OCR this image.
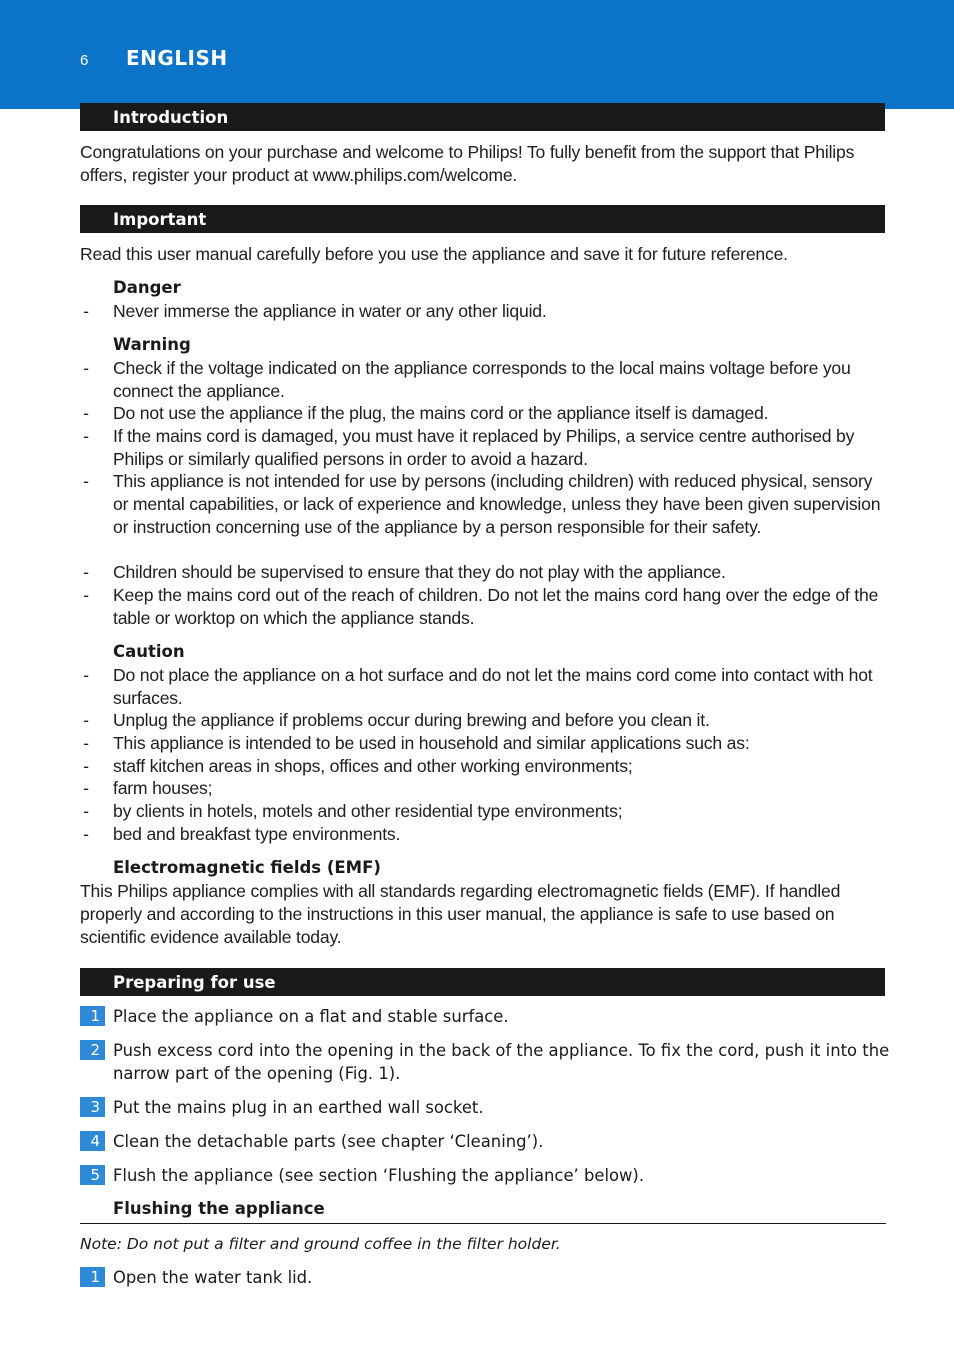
6 ENGLISH
Introduction
Congratulations on your purchase and welcome to Philips! To fully benefit from the support that Philips offers, register your product at www.philips.com/welcome.
Important
Read this user manual carefully before you use the appliance and save it for future reference.
Danger
- Never immerse the appliance in water or any other liquid.
Warning
- Check if the voltage indicated on the appliance corresponds to the local mains voltage before you connect the appliance.
- Do not use the appliance if the plug, the mains cord or the appliance itself is damaged.
- If the mains cord is damaged, you must have it replaced by Philips, a service centre authorised by Philips or similarly qualified persons in order to avoid a hazard.
- This appliance is not intended for use by persons (including children) with reduced physical, sensory or mental capabilities, or lack of experience and knowledge, unless they have been given supervision or instruction concerning use of the appliance by a person responsible for their safety.
- Children should be supervised to ensure that they do not play with the appliance.
- Keep the mains cord out of the reach of children. Do not let the mains cord hang over the edge of the table or worktop on which the appliance stands.
Caution
- Do not place the appliance on a hot surface and do not let the mains cord come into contact with hot surfaces.
- Unplug the appliance if problems occur during brewing and before you clean it.
- This appliance is intended to be used in household and similar applications such as:
- staff kitchen areas in shops, offices and other working environments;
- farm houses;
- by clients in hotels, motels and other residential type environments;
- bed and breakfast type environments.
Electromagnetic fields (EMF)
This Philips appliance complies with all standards regarding electromagnetic fields (EMF). If handled properly and according to the instructions in this user manual, the appliance is safe to use based on scientific evidence available today.
Preparing for use
1 Place the appliance on a flat and stable surface.
2 Push excess cord into the opening in the back of the appliance. To fix the cord, push it into the narrow part of the opening (Fig. 1).
3 Put the mains plug in an earthed wall socket.
4 Clean the detachable parts (see chapter ‘Cleaning’).
5 Flush the appliance (see section ‘Flushing the appliance’ below).
Flushing the appliance
Note: Do not put a filter and ground coffee in the filter holder.
1 Open the water tank lid.
